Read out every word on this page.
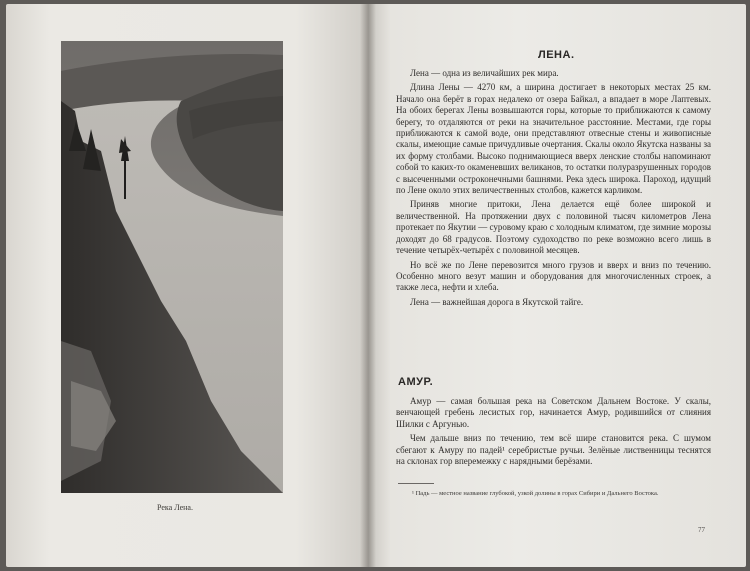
Река Лена.
ЛЕНА.

Лена — одна из величайших рек мира.

Длина Лены — 4270 км, а ширина достигает в некоторых местах 25 км. Начало она берёт в горах недалеко от озера Байкал, а впадает в море Лаптевых. На обоих берегах Лены возвышаются горы, которые то приближаются к самому берегу, то отдаляются от реки на значительное расстояние. Местами, где горы приближаются к самой воде, они представляют отвесные стены и живописные скалы, имеющие самые причудливые очертания. Скалы около Якутска названы за их форму столбами. Высоко поднимающиеся вверх ленские столбы напоминают собой то каких-то окаменевших великанов, то остатки полуразрушенных городов с высеченными остроконечными башнями. Река здесь широка. Пароход, идущий по Лене около этих величественных столбов, кажется карликом.

Приняв многие притоки, Лена делается ещё более широкой и величественной. На протяжении двух с половиной тысяч километров Лена протекает по Якутии — суровому краю с холодным климатом, где зимние морозы доходят до 68 градусов. Поэтому судоходство по реке возможно всего лишь в течение четырёх-четырёх с половиной месяцев.

Но всё же по Лене перевозится много грузов и вверх и вниз по течению. Особенно много везут машин и оборудования для многочисленных строек, а также леса, нефти и хлеба.

Лена — важнейшая дорога в Якутской тайге.

АМУР.

Амур — самая большая река на Советском Дальнем Востоке. У скалы, венчающей гребень лесистых гор, начинается Амур, родившийся от слияния Шилки с Аргунью.

Чем дальше вниз по течению, тем всё шире становится река. С шумом сбегают к Амуру по падей¹ серебристые ручьи. Зелёные лиственницы теснятся на склонах гор вперемежку с нарядными берёзами.

¹ Падь — местное название глубокой, узкой долины в горах Сибири и Дальнего Востока.
77
